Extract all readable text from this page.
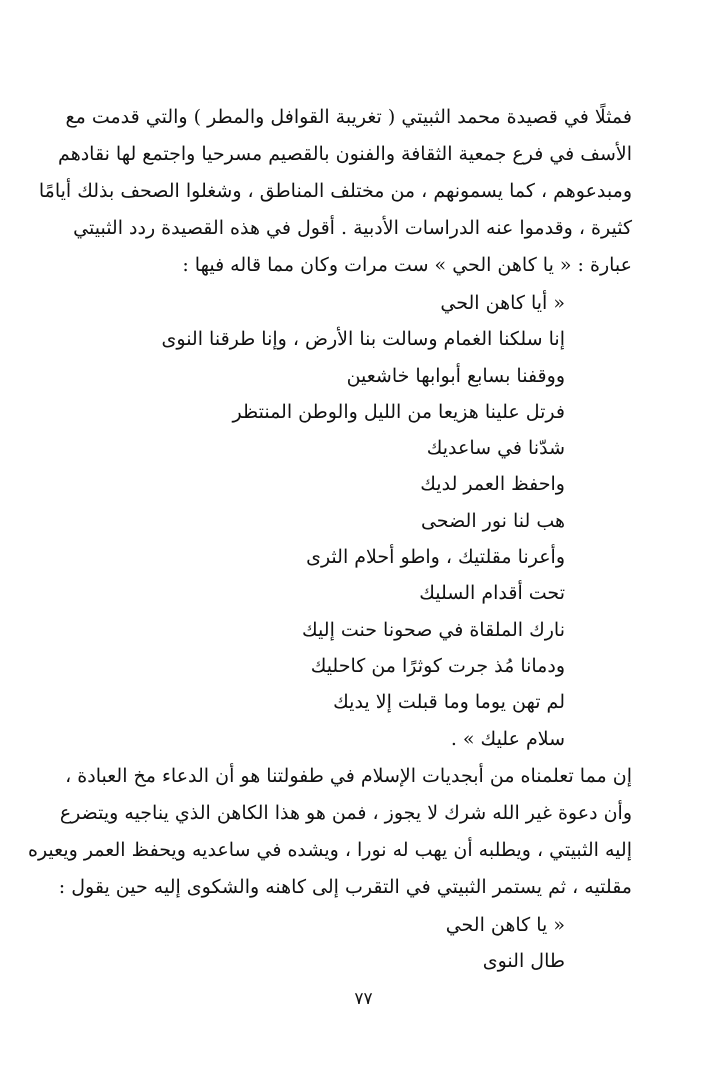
فمثلًا في قصيدة محمد الثبيتي ( تغريبة القوافل والمطر ) والتي قدمت مع
الأسف في فرع جمعية الثقافة والفنون بالقصيم مسرحيا واجتمع لها نقادهم
ومبدعوهم ، كما يسمونهم ، من مختلف المناطق ، وشغلوا الصحف بذلك أيامًا
كثيرة ، وقدموا عنه الدراسات الأدبية . أقول في هذه القصيدة ردد الثبيتي
عبارة : « يا كاهن الحي » ست مرات وكان مما قاله فيها :
« أيا كاهن الحي
إنا سلكنا الغمام وسالت بنا الأرض ، وإنا طرقنا النوى
ووقفنا بسابع أبوابها خاشعين
فرتل علينا هزيعا من الليل والوطن المنتظر
شدّنا في ساعديك
واحفظ العمر لديك
هب لنا نور الضحى
وأعرنا مقلتيك ، واطو أحلام الثرى
تحت أقدام السليك
نارك الملقاة في صحونا حنت إليك
ودمانا مُذ جرت كوثرًا من كاحليك
لم تهن يوما وما قبلت إلا يديك
سلام عليك » .
إن مما تعلمناه من أبجديات الإسلام في طفولتنا هو أن الدعاء مخ العبادة ،
وأن دعوة غير الله شرك لا يجوز ، فمن هو هذا الكاهن الذي يناجيه ويتضرع
إليه الثبيتي ، ويطلبه أن يهب له نورا ، ويشده في ساعديه ويحفظ العمر ويعيره
مقلتيه ، ثم يستمر الثبيتي في التقرب إلى كاهنه والشكوى إليه حين يقول :
« يا كاهن الحي
طال النوى
٧٧
